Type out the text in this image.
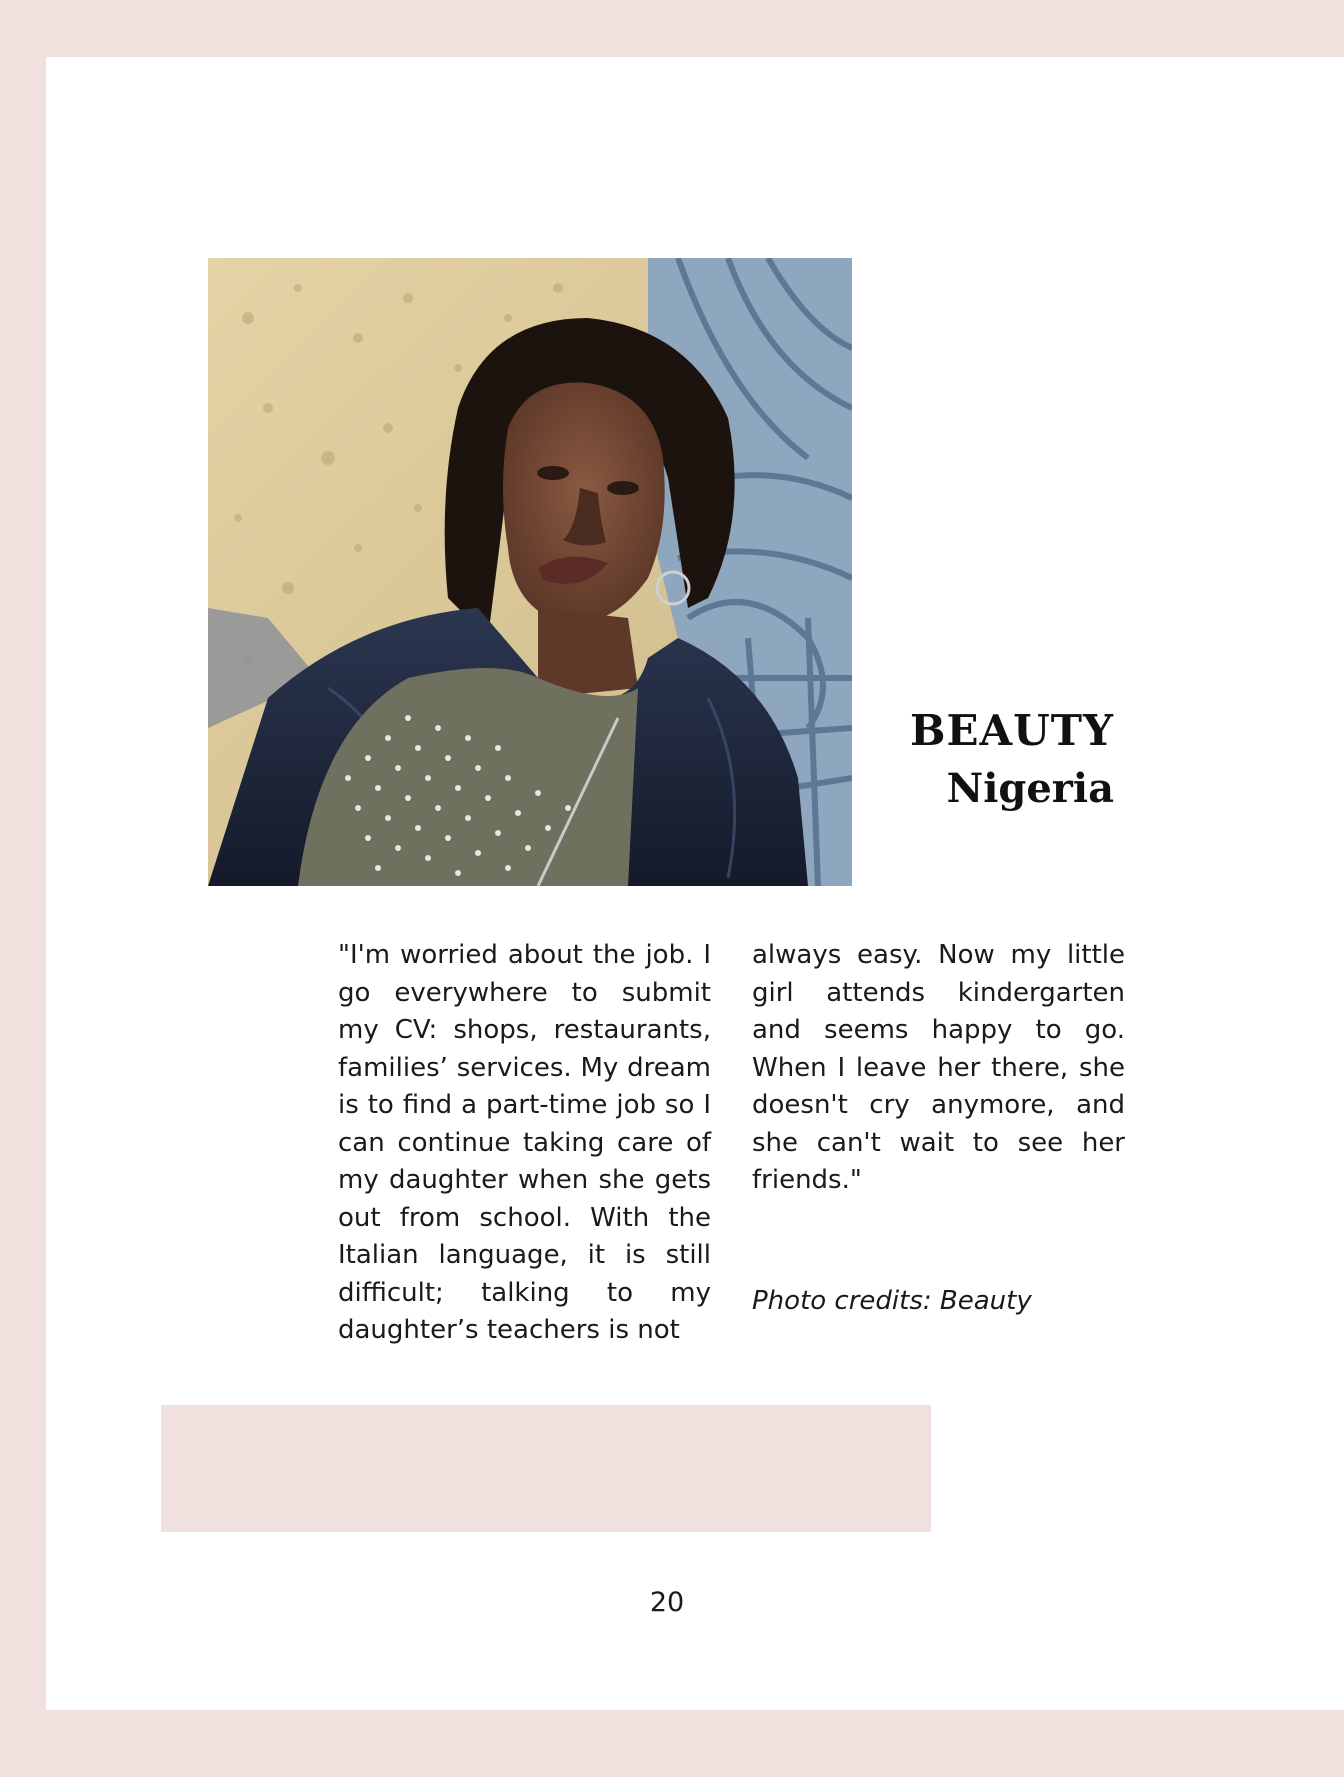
BEAUTY
Nigeria
"I'm worried about the job. I go everywhere to submit my CV: shops, restaurants, families’ services. My dream is to find a part-time job so I can continue taking care of my daughter when she gets out from school. With the Italian language, it is still difficult; talking to my daughter’s teachers is not
always easy. Now my little girl attends kindergarten and seems happy to go. When I leave her there, she doesn't cry anymore, and she can't wait to see her friends."
Photo credits: Beauty
20
